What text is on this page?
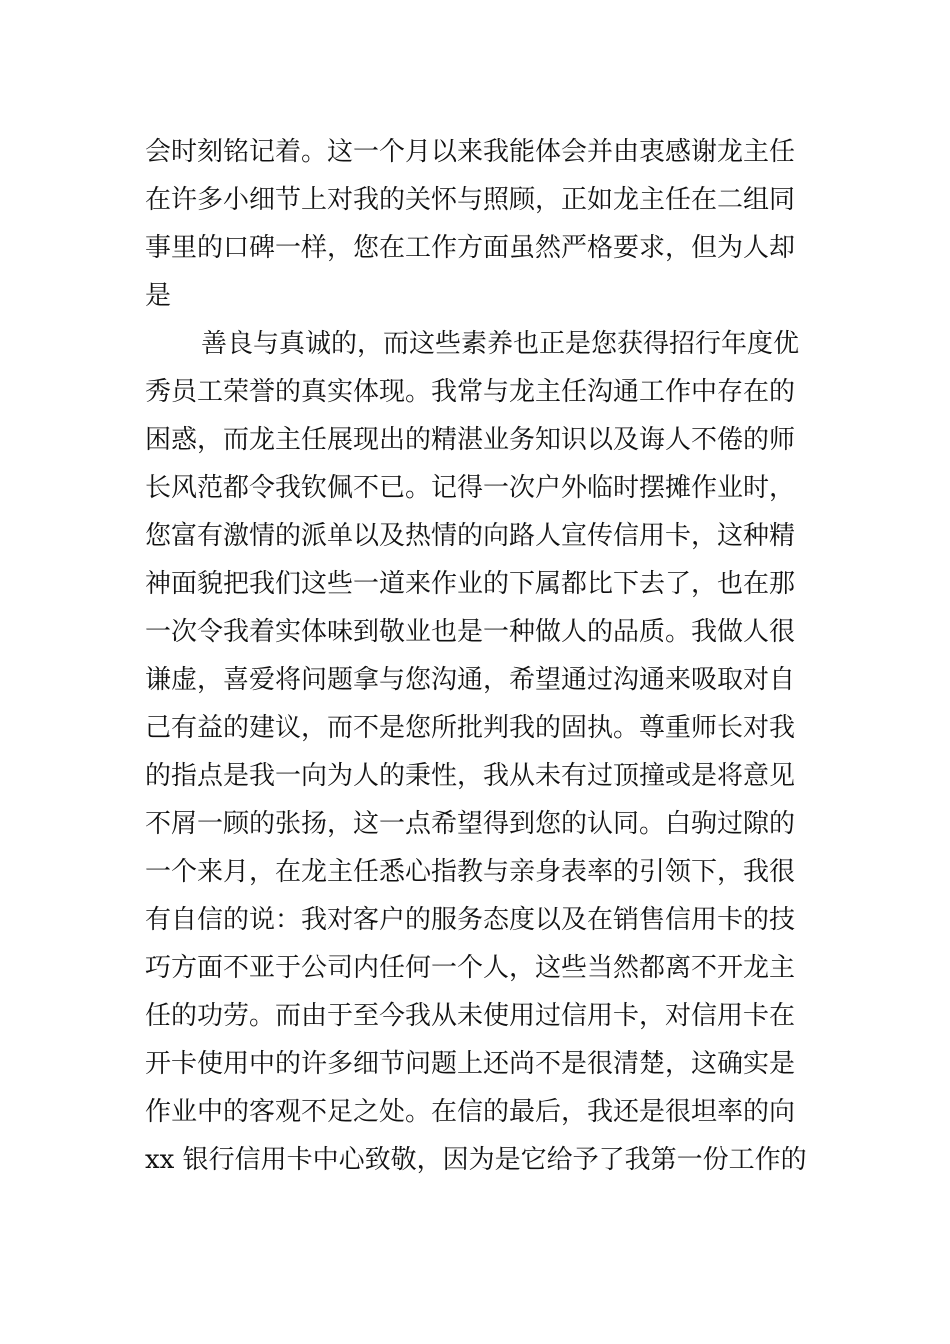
会时刻铭记着。这一个月以来我能体会并由衷感谢龙主任
在许多小细节上对我的关怀与照顾，正如龙主任在二组同
事里的口碑一样，您在工作方面虽然严格要求，但为人却
是
善良与真诚的，而这些素养也正是您获得招行年度优
秀员工荣誉的真实体现。我常与龙主任沟通工作中存在的
困惑，而龙主任展现出的精湛业务知识以及诲人不倦的师
长风范都令我钦佩不已。记得一次户外临时摆摊作业时，
您富有激情的派单以及热情的向路人宣传信用卡，这种精
神面貌把我们这些一道来作业的下属都比下去了，也在那
一次令我着实体味到敬业也是一种做人的品质。我做人很
谦虚，喜爱将问题拿与您沟通，希望通过沟通来吸取对自
己有益的建议，而不是您所批判我的固执。尊重师长对我
的指点是我一向为人的秉性，我从未有过顶撞或是将意见
不屑一顾的张扬，这一点希望得到您的认同。白驹过隙的
一个来月，在龙主任悉心指教与亲身表率的引领下，我很
有自信的说：我对客户的服务态度以及在销售信用卡的技
巧方面不亚于公司内任何一个人，这些当然都离不开龙主
任的功劳。而由于至今我从未使用过信用卡，对信用卡在
开卡使用中的许多细节问题上还尚不是很清楚，这确实是
作业中的客观不足之处。在信的最后，我还是很坦率的向
xx 银行信用卡中心致敬，因为是它给予了我第一份工作的
